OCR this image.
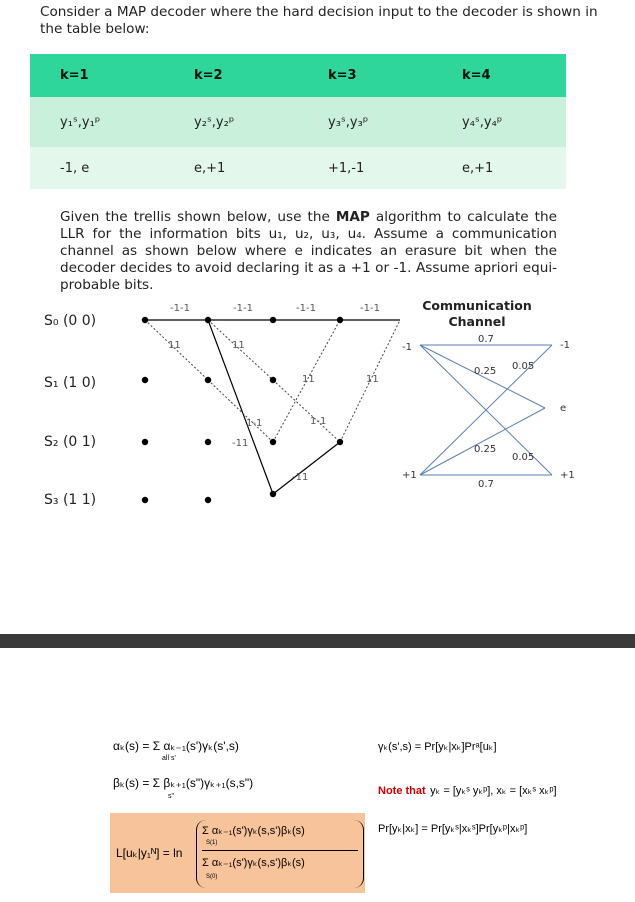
Consider a MAP decoder where the hard decision input to the decoder is shown in the table below:
k=1	k=2	k=3	k=4
y₁ˢ,y₁ᵖ	y₂ˢ,y₂ᵖ	y₃ˢ,y₃ᵖ	y₄ˢ,y₄ᵖ
-1, e	e,+1	+1,-1	e,+1
Given the trellis shown below, use the MAP algorithm to calculate the LLR for the information bits u₁, u₂, u₃, u₄. Assume a communication channel as shown below where e indicates an erasure bit when the decoder decides to avoid declaring it as a +1 or -1. Assume apriori equi-probable bits.
S₀ (0 0)
S₁ (1 0)
S₂ (0 1)
S₃ (1 1)
-1-1	-1-1	-1-1	-1-1
11	11
11	11
1-1	1-1
-11
-11
Communication Channel
-1
+1
-1
e
+1
0.7
0.25 0.05
0.25
0.05
0.7
αₖ(s) = Σ αₖ₋₁(s')γₖ(s',s)
all s'
βₖ(s) = Σ βₖ₊₁(s")γₖ₊₁(s,s")
s"
γₖ(s',s) = Pr[yₖ|xₖ]Prᵃ[uₖ]
Note that yₖ = [yₖˢ yₖᵖ], xₖ = [xₖˢ xₖᵖ]
Pr[yₖ|xₖ] = Pr[yₖˢ|xₖˢ]Pr[yₖᵖ|xₖᵖ]
L[uₖ|y₁ᴺ] = ln
Σ αₖ₋₁(s')γₖ(s,s')βₖ(s)
S(1)
Σ αₖ₋₁(s')γₖ(s,s')βₖ(s)
S(0)
